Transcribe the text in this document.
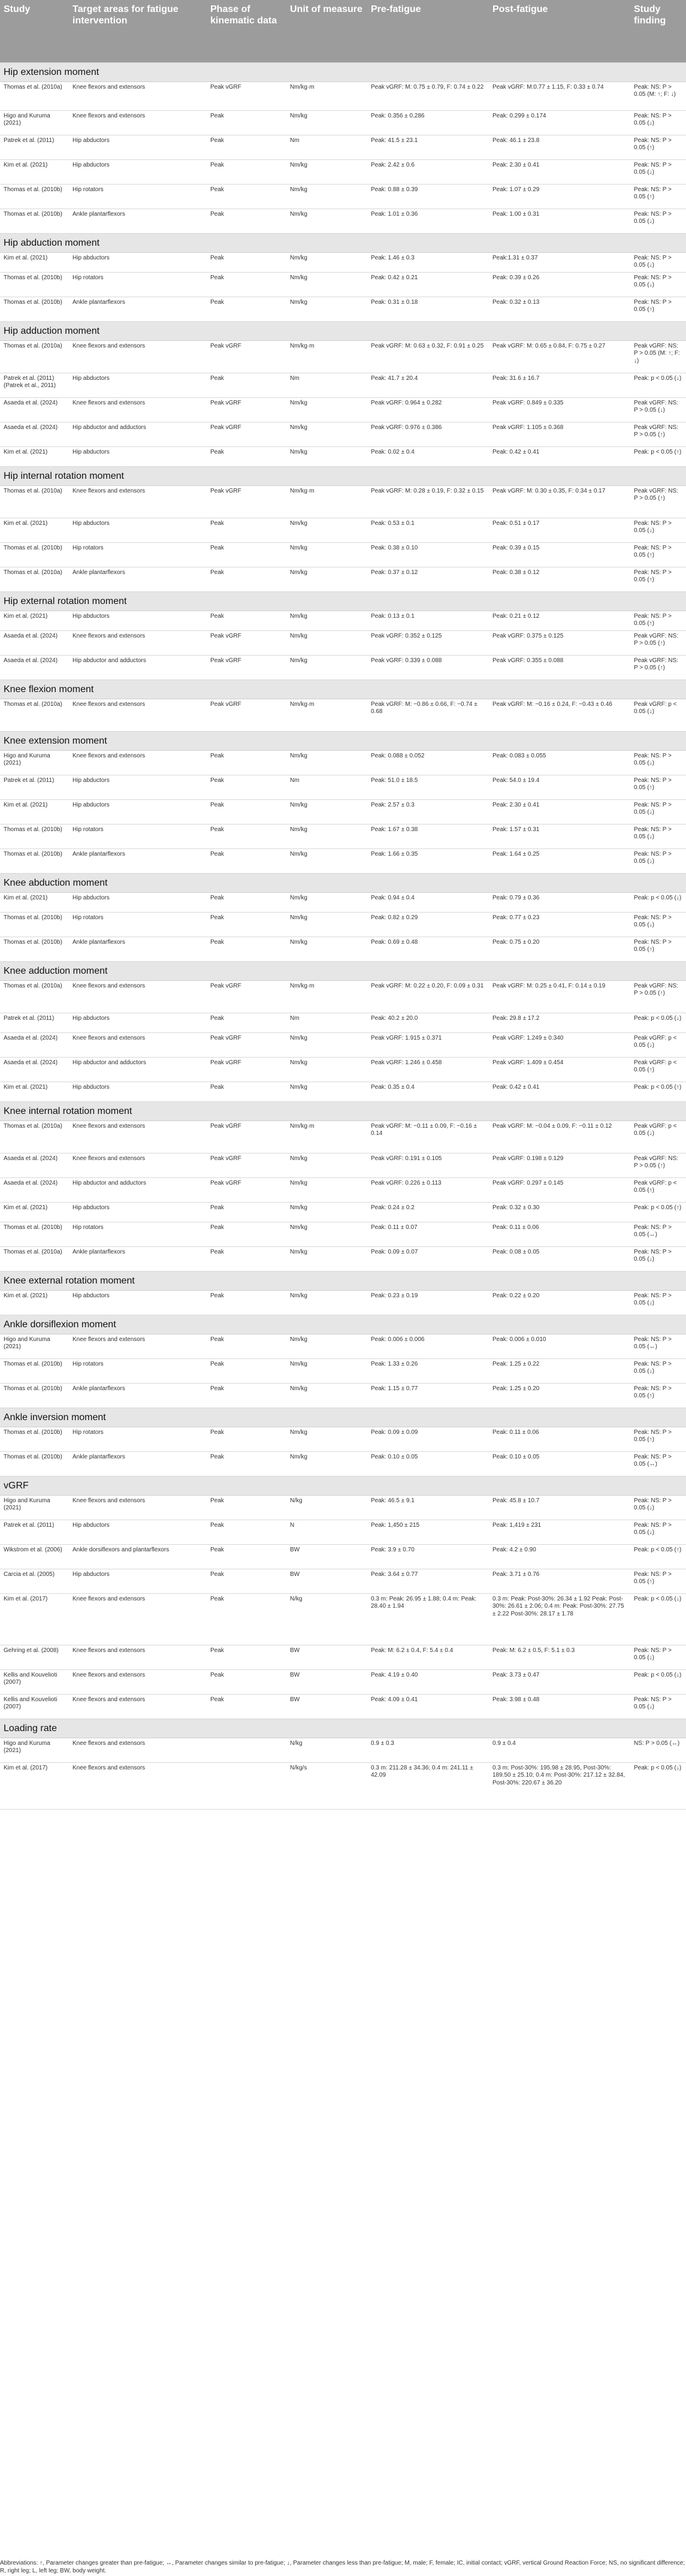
Study	Target areas for fatigue intervention	Phase of kinematic data	Unit of measure	Pre-fatigue	Post-fatigue	Study finding
Hip extension moment						
Thomas et al. (2010a)	Knee flexors and extensors	Peak vGRF	Nm/kg·m	Peak vGRF: M: 0.75 ± 0.79, F: 0.74 ± 0.22	Peak vGRF: M:0.77 ± 1.15, F: 0.33 ± 0.74	Peak: NS: P > 0.05 (M: ↑; F: ↓)
Higo and Kuruma (2021)	Knee flexors and extensors	Peak	Nm/kg	Peak: 0.356 ± 0.286	Peak: 0.299 ± 0.174	Peak: NS: P > 0.05 (↓)
Patrek et al. (2011)	Hip abductors	Peak	Nm	Peak: 41.5 ± 23.1	Peak: 46.1 ± 23.8	Peak: NS: P > 0.05 (↑)
Kim et al. (2021)	Hip abductors	Peak	Nm/kg	Peak: 2.42 ± 0.6	Peak: 2.30 ± 0.41	Peak: NS: P > 0.05 (↓)
Thomas et al. (2010b)	Hip rotators	Peak	Nm/kg	Peak: 0.88 ± 0.39	Peak: 1.07 ± 0.29	Peak: NS: P > 0.05 (↑)
Thomas et al. (2010b)	Ankle plantarflexors	Peak	Nm/kg	Peak: 1.01 ± 0.36	Peak: 1.00 ± 0.31	Peak: NS: P > 0.05 (↓)
Hip abduction moment						
Kim et al. (2021)	Hip abductors	Peak	Nm/kg	Peak: 1.46 ± 0.3	Peak:1.31 ± 0.37	Peak: NS: P > 0.05 (↓)
Thomas et al. (2010b)	Hip rotators	Peak	Nm/kg	Peak: 0.42 ± 0.21	Peak: 0.39 ± 0.26	Peak: NS: P > 0.05 (↓)
Thomas et al. (2010b)	Ankle plantarflexors	Peak	Nm/kg	Peak: 0.31 ± 0.18	Peak: 0.32 ± 0.13	Peak: NS: P > 0.05 (↑)
Hip adduction moment						
Thomas et al. (2010a)	Knee flexors and extensors	Peak vGRF	Nm/kg·m	Peak vGRF: M: 0.63 ± 0.32, F: 0.91 ± 0.25	Peak vGRF: M: 0.65 ± 0.84, F: 0.75 ± 0.27	Peak vGRF: NS: P > 0.05 (M: ↑; F: ↓)
Patrek et al. (2011) (Patrek et al., 2011)	Hip abductors	Peak	Nm	Peak: 41.7 ± 20.4	Peak: 31.6 ± 16.7	Peak: p < 0.05 (↓)
Asaeda et al. (2024)	Knee flexors and extensors	Peak vGRF	Nm/kg	Peak vGRF: 0.964 ± 0.282	Peak vGRF: 0.849 ± 0.335	Peak vGRF: NS: P > 0.05 (↓)
Asaeda et al. (2024)	Hip abductor and adductors	Peak vGRF	Nm/kg	Peak vGRF: 0.976 ± 0.386	Peak vGRF: 1.105 ± 0.368	Peak vGRF: NS: P > 0.05 (↑)
Kim et al. (2021)	Hip abductors	Peak	Nm/kg	Peak: 0.02 ± 0.4	Peak: 0.42 ± 0.41	Peak: p < 0.05 (↑)
Hip internal rotation moment						
Thomas et al. (2010a)	Knee flexors and extensors	Peak vGRF	Nm/kg·m	Peak vGRF: M: 0.28 ± 0.19, F: 0.32 ± 0.15	Peak vGRF: M: 0.30 ± 0.35, F: 0.34 ± 0.17	Peak vGRF: NS: P > 0.05 (↑)
Kim et al. (2021)	Hip abductors	Peak	Nm/kg	Peak: 0.53 ± 0.1	Peak: 0.51 ± 0.17	Peak: NS: P > 0.05 (↓)
Thomas et al. (2010b)	Hip rotators	Peak	Nm/kg	Peak: 0.38 ± 0.10	Peak: 0.39 ± 0.15	Peak: NS: P > 0.05 (↑)
Thomas et al. (2010a)	Ankle plantarflexors	Peak	Nm/kg	Peak: 0.37 ± 0.12	Peak: 0.38 ± 0.12	Peak: NS: P > 0.05 (↑)
Hip external rotation moment						
Kim et al. (2021)	Hip abductors	Peak	Nm/kg	Peak: 0.13 ± 0.1	Peak: 0.21 ± 0.12	Peak: NS: P > 0.05 (↑)
Asaeda et al. (2024)	Knee flexors and extensors	Peak vGRF	Nm/kg	Peak vGRF: 0.352 ± 0.125	Peak vGRF: 0.375 ± 0.125	Peak vGRF: NS: P > 0.05 (↑)
Asaeda et al. (2024)	Hip abductor and adductors	Peak vGRF	Nm/kg	Peak vGRF: 0.339 ± 0.088	Peak vGRF: 0.355 ± 0.088	Peak vGRF: NS: P > 0.05 (↑)
Knee flexion moment						
Thomas et al. (2010a)	Knee flexors and extensors	Peak vGRF	Nm/kg·m	Peak vGRF: M: −0.86 ± 0.66, F: −0.74 ± 0.68	Peak vGRF: M: −0.16 ± 0.24, F: −0.43 ± 0.46	Peak vGRF: p < 0.05 (↓)
Knee extension moment						
Higo and Kuruma (2021)	Knee flexors and extensors	Peak	Nm/kg	Peak: 0.088 ± 0.052	Peak: 0.083 ± 0.055	Peak: NS: P > 0.05 (↓)
Patrek et al. (2011)	Hip abductors	Peak	Nm	Peak: 51.0 ± 18.5	Peak: 54.0 ± 19.4	Peak: NS: P > 0.05 (↑)
Kim et al. (2021)	Hip abductors	Peak	Nm/kg	Peak: 2.57 ± 0.3	Peak: 2.30 ± 0.41	Peak: NS: P > 0.05 (↓)
Thomas et al. (2010b)	Hip rotators	Peak	Nm/kg	Peak: 1.67 ± 0.38	Peak: 1.57 ± 0.31	Peak: NS: P > 0.05 (↓)
Thomas et al. (2010b)	Ankle plantarflexors	Peak	Nm/kg	Peak: 1.66 ± 0.35	Peak: 1.64 ± 0.25	Peak: NS: P > 0.05 (↓)
Knee abduction moment						
Kim et al. (2021)	Hip abductors	Peak	Nm/kg	Peak: 0.94 ± 0.4	Peak: 0.79 ± 0.36	Peak: p < 0.05 (↓)
Thomas et al. (2010b)	Hip rotators	Peak	Nm/kg	Peak: 0.82 ± 0.29	Peak: 0.77 ± 0.23	Peak: NS: P > 0.05 (↓)
Thomas et al. (2010b)	Ankle plantarflexors	Peak	Nm/kg	Peak: 0.69 ± 0.48	Peak: 0.75 ± 0.20	Peak: NS: P > 0.05 (↑)
Knee adduction moment						
Thomas et al. (2010a)	Knee flexors and extensors	Peak vGRF	Nm/kg·m	Peak vGRF: M: 0.22 ± 0.20, F: 0.09 ± 0.31	Peak vGRF: M: 0.25 ± 0.41, F: 0.14 ± 0.19	Peak vGRF: NS: P > 0.05 (↑)
Patrek et al. (2011)	Hip abductors	Peak	Nm	Peak: 40.2 ± 20.0	Peak: 29.8 ± 17.2	Peak: p < 0.05 (↓)
Asaeda et al. (2024)	Knee flexors and extensors	Peak vGRF	Nm/kg	Peak vGRF: 1.915 ± 0.371	Peak vGRF: 1.249 ± 0.340	Peak vGRF: p < 0.05 (↓)
Asaeda et al. (2024)	Hip abductor and adductors	Peak vGRF	Nm/kg	Peak vGRF: 1.246 ± 0.458	Peak vGRF: 1.409 ± 0.454	Peak vGRF: p < 0.05 (↑)
Kim et al. (2021)	Hip abductors	Peak	Nm/kg	Peak: 0.35 ± 0.4	Peak: 0.42 ± 0.41	Peak: p < 0.05 (↑)
Knee internal rotation moment						
Thomas et al. (2010a)	Knee flexors and extensors	Peak vGRF	Nm/kg·m	Peak vGRF: M: −0.11 ± 0.09, F: −0.16 ± 0.14	Peak vGRF: M: −0.04 ± 0.09, F: −0.11 ± 0.12	Peak vGRF: p < 0.05 (↓)
Asaeda et al. (2024)	Knee flexors and extensors	Peak vGRF	Nm/kg	Peak vGRF: 0.191 ± 0.105	Peak vGRF: 0.198 ± 0.129	Peak vGRF: NS: P > 0.05 (↑)
Asaeda et al. (2024)	Hip abductor and adductors	Peak vGRF	Nm/kg	Peak vGRF: 0.226 ± 0.113	Peak vGRF: 0.297 ± 0.145	Peak vGRF: p < 0.05 (↑)
Kim et al. (2021)	Hip abductors	Peak	Nm/kg	Peak: 0.24 ± 0.2	Peak: 0.32 ± 0.30	Peak: p < 0.05 (↑)
Thomas et al. (2010b)	Hip rotators	Peak	Nm/kg	Peak: 0.11 ± 0.07	Peak: 0.11 ± 0.06	Peak: NS: P > 0.05 (↔)
Thomas et al. (2010a)	Ankle plantarflexors	Peak	Nm/kg	Peak: 0.09 ± 0.07	Peak: 0.08 ± 0.05	Peak: NS: P > 0.05 (↓)
Knee external rotation moment						
Kim et al. (2021)	Hip abductors	Peak	Nm/kg	Peak: 0.23 ± 0.19	Peak: 0.22 ± 0.20	Peak: NS: P > 0.05 (↓)
Ankle dorsiflexion moment						
Higo and Kuruma (2021)	Knee flexors and extensors	Peak	Nm/kg	Peak: 0.006 ± 0.006	Peak: 0.006 ± 0.010	Peak: NS: P > 0.05 (↔)
Thomas et al. (2010b)	Hip rotators	Peak	Nm/kg	Peak: 1.33 ± 0.26	Peak: 1.25 ± 0.22	Peak: NS: P > 0.05 (↓)
Thomas et al. (2010b)	Ankle plantarflexors	Peak	Nm/kg	Peak: 1.15 ± 0.77	Peak: 1.25 ± 0.20	Peak: NS: P > 0.05 (↑)
Ankle inversion moment						
Thomas et al. (2010b)	Hip rotators	Peak	Nm/kg	Peak: 0.09 ± 0.09	Peak: 0.11 ± 0.06	Peak: NS: P > 0.05 (↑)
Thomas et al. (2010b)	Ankle plantarflexors	Peak	Nm/kg	Peak: 0.10 ± 0.05	Peak: 0.10 ± 0.05	Peak: NS: P > 0.05 (↔)
vGRF						
Higo and Kuruma (2021)	Knee flexors and extensors	Peak	N/kg	Peak: 46.5 ± 9.1	Peak: 45.8 ± 10.7	Peak: NS: P > 0.05 (↓)
Patrek et al. (2011)	Hip abductors	Peak	N	Peak: 1,450 ± 215	Peak: 1,419 ± 231	Peak: NS: P > 0.05 (↓)
Wikstrom et al. (2006)	Ankle dorsiflexors and plantarflexors	Peak	BW	Peak: 3.9 ± 0.70	Peak: 4.2 ± 0.90	Peak: p < 0.05 (↑)
Carcia et al. (2005)	Hip abductors	Peak	BW	Peak: 3.64 ± 0.77	Peak: 3.71 ± 0.76	Peak: NS: P > 0.05 (↑)
Kim et al. (2017)	Knee flexors and extensors	Peak	N/kg	0.3 m: Peak: 26.95 ± 1.88; 0.4 m: Peak: 28.40 ± 1.94	0.3 m: Peak: Post-30%: 26.34 ± 1.92 Peak: Post-30%: 26.61 ± 2.06; 0.4 m: Peak: Post-30%: 27.75 ± 2.22 Post-30%: 28.17 ± 1.78	Peak: p < 0.05 (↓)
Gehring et al. (2008)	Knee flexors and extensors	Peak	BW	Peak: M: 6.2 ± 0.4, F: 5.4 ± 0.4	Peak: M: 6.2 ± 0.5, F: 5.1 ± 0.3	Peak: NS: P > 0.05 (↓)
Kellis and Kouvelioti (2007)	Knee flexors and extensors	Peak	BW	Peak: 4.19 ± 0.40	Peak: 3.73 ± 0.47	Peak: p < 0.05 (↓)
Kellis and Kouvelioti (2007)	Knee flexors and extensors	Peak	BW	Peak: 4.09 ± 0.41	Peak: 3.98 ± 0.48	Peak: NS: P > 0.05 (↓)
Loading rate						
Higo and Kuruma (2021)	Knee flexors and extensors		N/kg	0.9 ± 0.3	0.9 ± 0.4	NS: P > 0.05 (↔)
Kim et al. (2017)	Knee flexors and extensors		N/kg/s	0.3 m: 211.28 ± 34.36; 0.4 m: 241.11 ± 42.09	0.3 m: Post-30%: 195.98 ± 28.95, Post-30%: 189.50 ± 25.10; 0.4 m: Post-30%: 217.12 ± 32.84, Post-30%: 220.67 ± 36.20	Peak: p < 0.05 (↓)
Abbreviations: ↑, Parameter changes greater than pre-fatigue; ↔, Parameter changes similar to pre-fatigue; ↓, Parameter changes less than pre-fatigue; M, male; F, female; IC, initial contact; vGRF, vertical Ground Reaction Force; NS, no significant difference; R, right leg; L, left leg; BW, body weight.
